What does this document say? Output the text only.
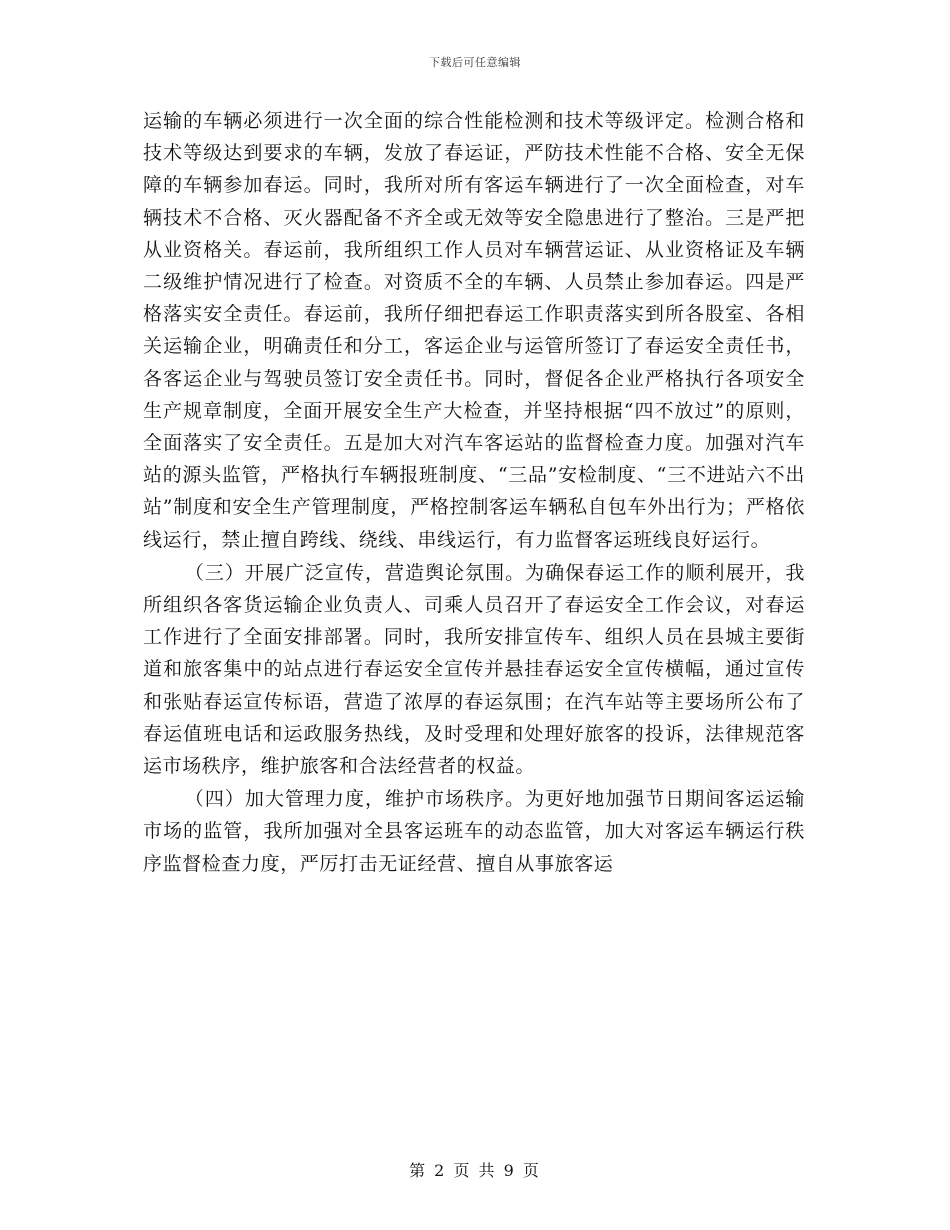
下载后可任意编辑

运输的车辆必须进行一次全面的综合性能检测和技术等级评定。检测合格和技术等级达到要求的车辆，发放了春运证，严防技术性能不合格、安全无保障的车辆参加春运。同时，我所对所有客运车辆进行了一次全面检查，对车辆技术不合格、灭火器配备不齐全或无效等安全隐患进行了整治。三是严把从业资格关。春运前，我所组织工作人员对车辆营运证、从业资格证及车辆二级维护情况进行了检查。对资质不全的车辆、人员禁止参加春运。四是严格落实安全责任。春运前，我所仔细把春运工作职责落实到所各股室、各相关运输企业，明确责任和分工，客运企业与运管所签订了春运安全责任书，各客运企业与驾驶员签订安全责任书。同时，督促各企业严格执行各项安全生产规章制度，全面开展安全生产大检查，并坚持根据“四不放过”的原则，全面落实了安全责任。五是加大对汽车客运站的监督检查力度。加强对汽车站的源头监管，严格执行车辆报班制度、“三品”安检制度、“三不进站六不出站”制度和安全生产管理制度，严格控制客运车辆私自包车外出行为；严格依线运行，禁止擅自跨线、绕线、串线运行，有力监督客运班线良好运行。

（三）开展广泛宣传，营造舆论氛围。为确保春运工作的顺利展开，我所组织各客货运输企业负责人、司乘人员召开了春运安全工作会议，对春运工作进行了全面安排部署。同时，我所安排宣传车、组织人员在县城主要街道和旅客集中的站点进行春运安全宣传并悬挂春运安全宣传横幅，通过宣传和张贴春运宣传标语，营造了浓厚的春运氛围；在汽车站等主要场所公布了春运值班电话和运政服务热线，及时受理和处理好旅客的投诉，法律规范客运市场秩序，维护旅客和合法经营者的权益。

（四）加大管理力度，维护市场秩序。为更好地加强节日期间客运运输市场的监管，我所加强对全县客运班车的动态监管，加大对客运车辆运行秩序监督检查力度，严厉打击无证经营、擅自从事旅客运

第 2 页 共 9 页
